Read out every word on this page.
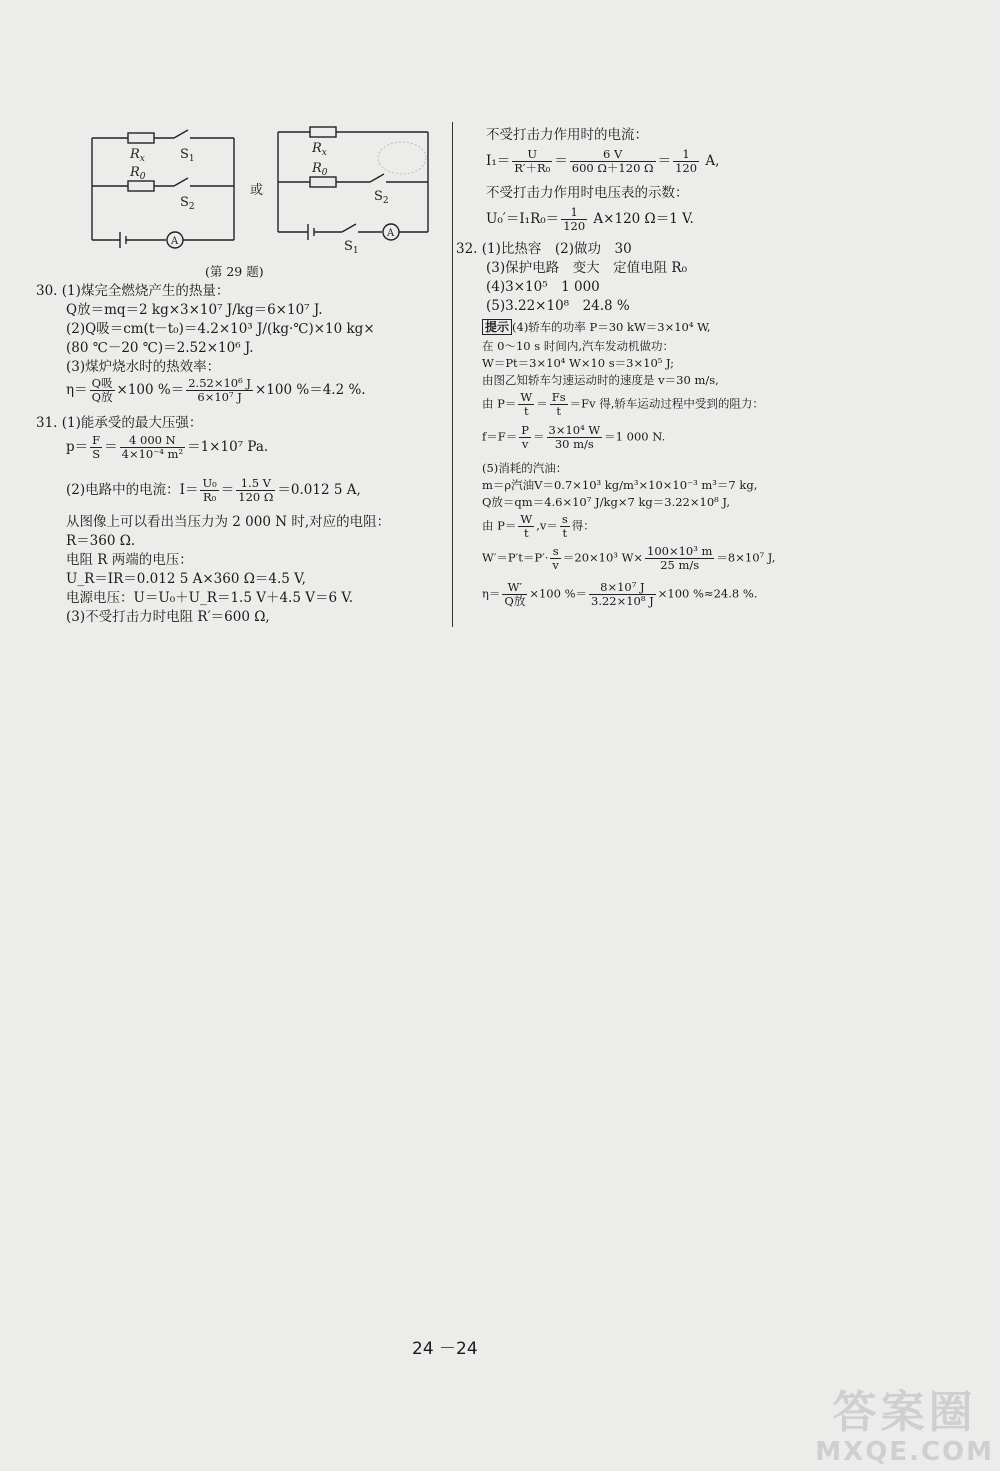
$R_x$
$R_0$
$R_x$
$R_0$
$S_1$
$S_2$
$S_2$
$S_1$
A
A
或
(第 29 题)
30. (1)煤完全燃烧产生的热量：
Q放＝mq＝2 kg×3×10⁷ J/kg＝6×10⁷ J.
(2)Q吸＝cm(t－t₀)＝4.2×10³ J/(kg·℃)×10 kg×
(80 ℃－20 ℃)＝2.52×10⁶ J.
(3)煤炉烧水时的热效率：
$\eta= \frac{\text{Q吸}}{\text{Q放}} \times 100$ %＝ $\frac{\text{2.52×10⁶ J}}{\text{6×10⁷ J}} \times 100$ %＝4.2 %.
31. (1)能承受的最大压强：
$p= \frac{F}{S} = \frac{4 000 N}{\text{4×10⁻⁴ m²}} =1\times 10^7$ Pa.
(2)电路中的电流：$I= \frac{\text{U₀}}{\text{R₀}} = \frac{1.5 V}{120 \Omega} =0.012$ 5 A,
从图像上可以看出当压力为 2 000 N 时,对应的电阻：
R＝360 Ω.
电阻 R 两端的电压：
U_R＝IR＝0.012 5 A×360 Ω＝4.5 V,
电源电压：U＝U₀＋U_R＝1.5 V＋4.5 V＝6 V.
(3)不受打击力时电阻 R′＝600 Ω,
不受打击力作用时的电流：
$I_1= \frac{U}{\text{R′＋R₀}} = \frac{6 V}{600 \Omega+120 \Omega} = \frac{1}{120} A$,
不受打击力作用时电压表的示数：
$U_0'=I_1R_0= \frac{1}{120} A\times 120$ Ω＝1 V.
32. (1)比热容　(2)做功　30
(3)保护电路　变大　定值电阻 R₀
(4)3×10⁵　1 000
(5)3.22×10⁸　24.8 %
提示 (4)轿车的功率 P＝30 kW＝3×10⁴ W,
在 0～10 s 时间内,汽车发动机做功：
W＝Pt＝3×10⁴ W×10 s＝3×10⁵ J;
由图乙知轿车匀速运动时的速度是 v＝30 m/s,
由 $P= \frac{W}{t} = \frac{Fs}{t} =Fv$ 得,轿车运动过程中受到的阻力：
$f=F= \frac{P}{v} = \frac{\text{3×10⁴ W}}{30 m/s} =1$ 000 N.
(5)消耗的汽油：
m＝ρ汽油V＝0.7×10³ kg/m³×10×10⁻³ m³＝7 kg,
Q放＝qm＝4.6×10⁷ J/kg×7 kg＝3.22×10⁸ J,
由 $P= \frac{W}{t} ,v= \frac{s}{t}$ 得：
$W'=P't=P'\cdot \frac{s}{v} =20\times 10^3$ $W\times \frac{\text{100×10³ m}}{25 m/s} =8\times 10^7$ J,
$\eta= \frac{W'}{\text{Q放}} \times 100$ %＝ $\frac{\text{8×10⁷ J}}{\text{3.22×10⁸ J}} \times 100$ %≈24.8 %.
24 －24
答案圈
MXQE.COM
